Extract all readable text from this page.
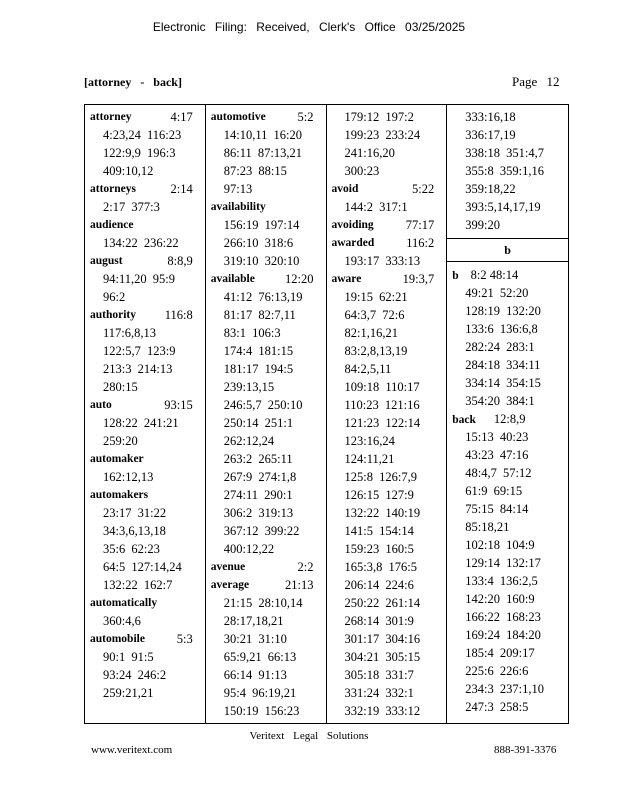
Electronic Filing: Received, Clerk's Office 03/25/2025
[attorney - back]	Page 12
attorney	4:17
4:23,24 116:23
122:9,9 196:3
409:10,12
attorneys	2:14
2:17 377:3
audience
134:22 236:22
august	8:8,9
94:11,20 95:9
96:2
authority 116:8
117:6,8,13
122:5,7 123:9
213:3 214:13
280:15
auto	93:15
128:22 241:21
259:20
automaker
162:12,13
automakers
23:17 31:22
34:3,6,13,18
35:6 62:23
64:5 127:14,24
132:22 162:7
automatically
360:4,6
automobile	5:3
90:1 91:5
93:24 246:2
259:21,21
automotive	5:2
14:10,11 16:20
86:11 87:13,21
87:23 88:15
97:13
availability
156:19 197:14
266:10 318:6
319:10 320:10
available 12:20
41:12 76:13,19
81:17 82:7,11
83:1 106:3
174:4 181:15
181:17 194:5
239:13,15
246:5,7 250:10
250:14 251:1
262:12,24
263:2 265:11
267:9 274:1,8
274:11 290:1
306:2 319:13
367:12 399:22
400:12,22
avenue	2:2
average	21:13
21:15 28:10,14
28:17,18,21
30:21 31:10
65:9,21 66:13
66:14 91:13
95:4 96:19,21
150:19 156:23
179:12 197:2
199:23 233:24
241:16,20
300:23
avoid	5:22
144:2 317:1
avoiding	77:17
awarded	116:2
193:17 333:13
aware	19:3,7
19:15 62:21
64:3,7 72:6
82:1,16,21
83:2,8,13,19
84:2,5,11
109:18 110:17
110:23 121:16
121:23 122:14
123:16,24
124:11,21
125:8 126:7,9
126:15 127:9
132:22 140:19
141:5 154:14
159:23 160:5
165:3,8 176:5
206:14 224:6
250:22 261:14
268:14 301:9
301:17 304:16
304:21 305:15
305:18 331:7
331:24 332:1
332:19 333:12
333:16,18
336:17,19
338:18 351:4,7
355:8 359:1,16
359:18,22
393:5,14,17,19
399:20
b
b 8:2 48:14
49:21 52:20
128:19 132:20
133:6 136:6,8
282:24 283:1
284:18 334:11
334:14 354:15
354:20 384:1
back 12:8,9
15:13 40:23
43:23 47:16
48:4,7 57:12
61:9 69:15
75:15 84:14
85:18,21
102:18 104:9
129:14 132:17
133:4 136:2,5
142:20 160:9
166:22 168:23
169:24 184:20
185:4 209:17
225:6 226:6
234:3 237:1,10
247:3 258:5
Veritext Legal Solutions
www.veritext.com	888-391-3376
